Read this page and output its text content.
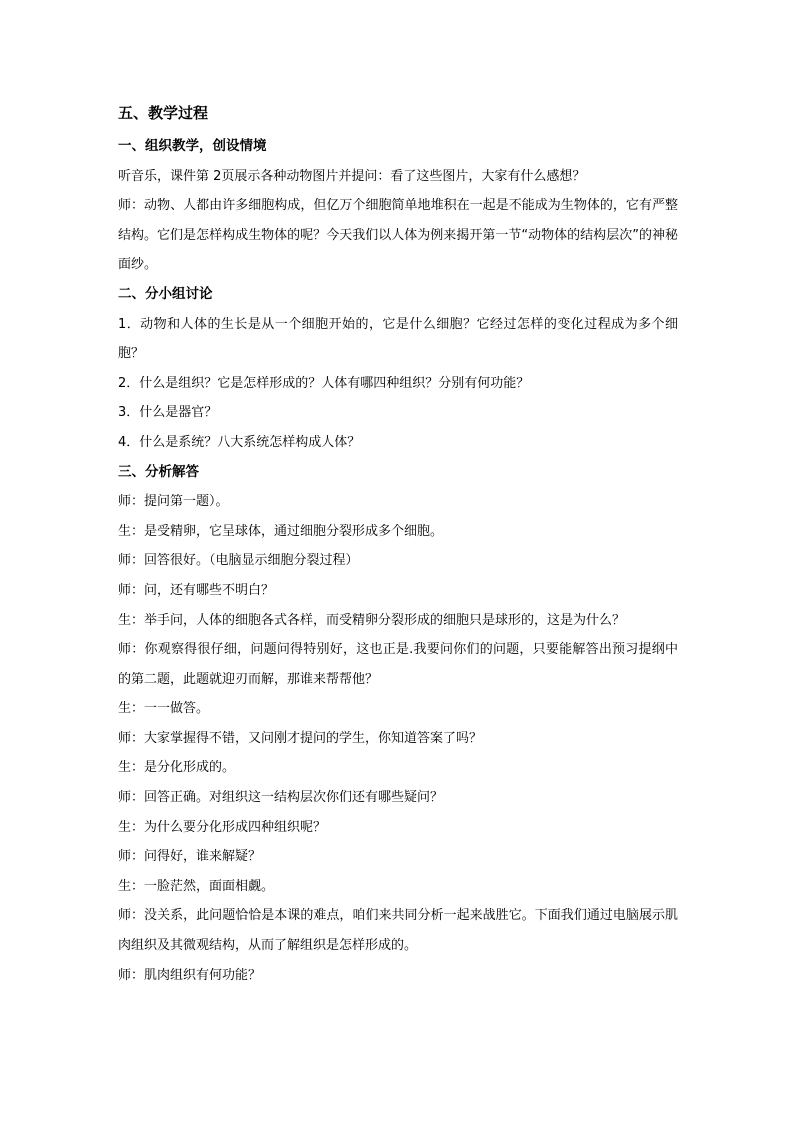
五、教学过程
一、组织教学，创设情境
听音乐，课件第 2页展示各种动物图片并提问：看了这些图片，大家有什么感想？
师：动物、人都由许多细胞构成，但亿万个细胞简单地堆积在一起是不能成为生物体的，它有严整结构。它们是怎样构成生物体的呢？今天我们以人体为例来揭开第一节“动物体的结构层次”的神秘面纱。
二、分小组讨论
1．动物和人体的生长是从一个细胞开始的，它是什么细胞？它经过怎样的变化过程成为多个细胞？
2．什么是组织？它是怎样形成的？人体有哪四种组织？分别有何功能？
3．什么是器官？
4．什么是系统？八大系统怎样构成人体？
三、分析解答
师：提问第一题）。
生：是受精卵，它呈球体，通过细胞分裂形成多个细胞。
师：回答很好。（电脑显示细胞分裂过程）
师：问，还有哪些不明白？
生：举手问，人体的细胞各式各样，而受精卵分裂形成的细胞只是球形的，这是为什么？
师：你观察得很仔细，问题问得特别好，这也正是.我要问你们的问题，只要能解答出预习提纲中的第二题，此题就迎刃而解，那谁来帮帮他？
生：一一做答。
师：大家掌握得不错，又问刚才提问的学生，你知道答案了吗？
生：是分化形成的。
师：回答正确。对组织这一结构层次你们还有哪些疑问？
生：为什么要分化形成四种组织呢？
师：问得好，谁来解疑？
生：一脸茫然，面面相觑。
师：没关系，此问题恰恰是本课的难点，咱们来共同分析一起来战胜它。下面我们通过电脑展示肌肉组织及其微观结构，从而了解组织是怎样形成的。
师：肌肉组织有何功能？
